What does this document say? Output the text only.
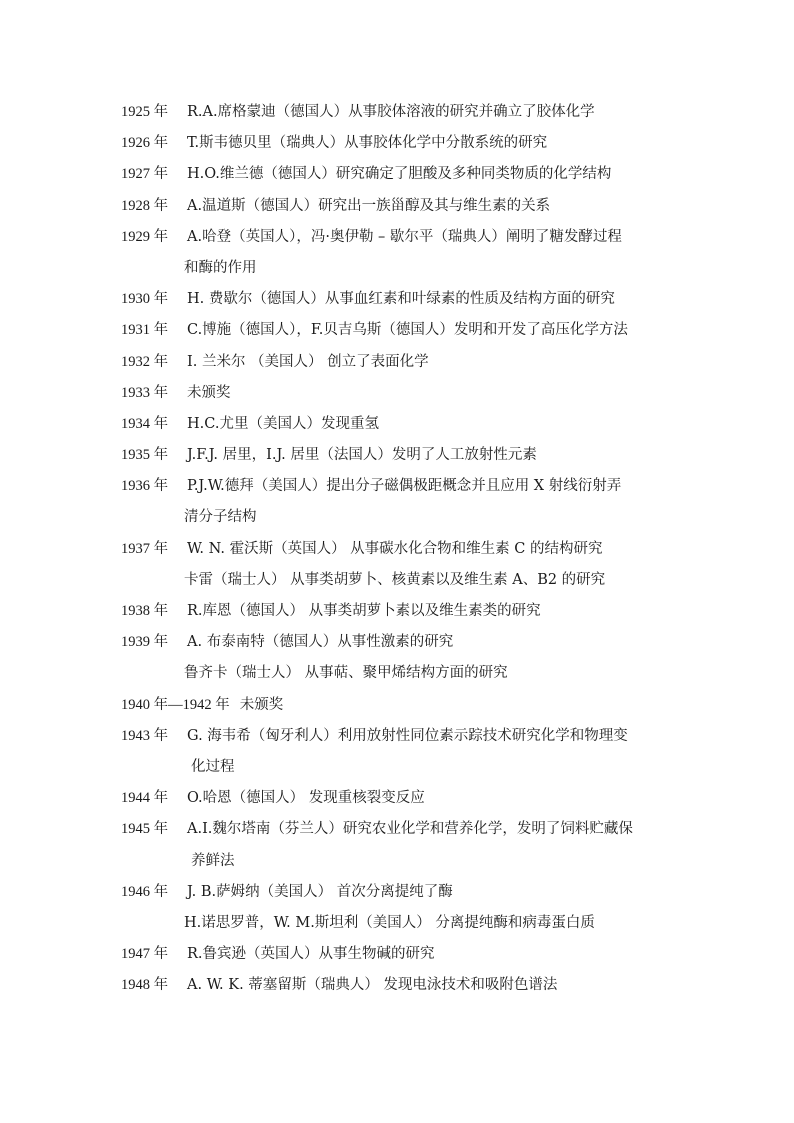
1925 年 R.A.席格蒙迪（德国人）从事胶体溶液的研究并确立了胶体化学
1926 年 T.斯韦德贝里（瑞典人）从事胶体化学中分散系统的研究
1927 年 H.O.维兰德（德国人）研究确定了胆酸及多种同类物质的化学结构
1928 年 A.温道斯（德国人）研究出一族甾醇及其与维生素的关系
1929 年 A.哈登（英国人），冯·奥伊勒 – 歇尔平（瑞典人）阐明了糖发酵过程
和酶的作用
1930 年 H. 费歇尔（德国人）从事血红素和叶绿素的性质及结构方面的研究
1931 年 C.博施（德国人），F.贝吉乌斯（德国人）发明和开发了高压化学方法
1932 年 I. 兰米尔 （美国人） 创立了表面化学
1933 年 未颁奖
1934 年 H.C.尤里（美国人）发现重氢
1935 年 J.F.J. 居里，I.J. 居里（法国人）发明了人工放射性元素
1936 年 P.J.W.德拜（美国人）提出分子磁偶极距概念并且应用 X 射线衍射弄
清分子结构
1937 年 W. N. 霍沃斯（英国人） 从事碳水化合物和维生素 C 的结构研究
卡雷（瑞士人） 从事类胡萝卜、核黄素以及维生素 A、B2 的研究
1938 年 R.库恩（德国人） 从事类胡萝卜素以及维生素类的研究
1939 年 A. 布泰南特（德国人）从事性激素的研究
鲁齐卡（瑞士人） 从事萜、聚甲烯结构方面的研究
1940 年—1942 年 未颁奖
1943 年 G. 海韦希（匈牙利人）利用放射性同位素示踪技术研究化学和物理变
化过程
1944 年 O.哈恩（德国人） 发现重核裂变反应
1945 年 A.I.魏尔塔南（芬兰人）研究农业化学和营养化学，发明了饲料贮藏保
养鲜法
1946 年 J. B.萨姆纳（美国人） 首次分离提纯了酶
H.诺思罗普，W. M.斯坦利（美国人） 分离提纯酶和病毒蛋白质
1947 年 R.鲁宾逊（英国人）从事生物碱的研究
1948 年 A. W. K. 蒂塞留斯（瑞典人） 发现电泳技术和吸附色谱法
